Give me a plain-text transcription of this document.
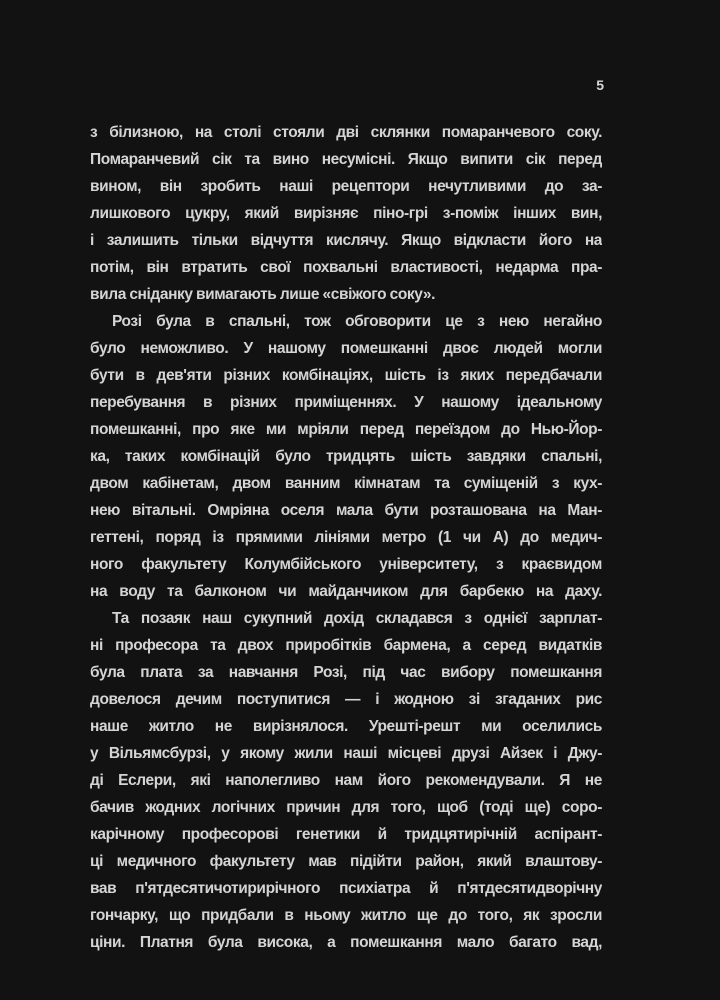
5
з білизною, на столі стояли дві склянки помаранчевого соку.
Помаранчевий сік та вино несумісні. Якщо випити сік перед
вином, він зробить наші рецептори нечутливими до за-
лишкового цукру, який вирізняє піно-грі з-поміж інших вин,
і залишить тільки відчуття кислячу. Якщо відкласти його на
потім, він втратить свої похвальні властивості, недарма пра-
вила сніданку вимагають лише «свіжого соку».
Розі була в спальні, тож обговорити це з нею негайно
було неможливо. У нашому помешканні двоє людей могли
бути в дев'яти різних комбінаціях, шість із яких передбачали
перебування в різних приміщеннях. У нашому ідеальному
помешканні, про яке ми мріяли перед переїздом до Нью-Йор-
ка, таких комбінацій було тридцять шість завдяки спальні,
двом кабінетам, двом ванним кімнатам та суміщеній з кух-
нею вітальні. Омріяна оселя мала бути розташована на Ман-
геттені, поряд із прямими лініями метро (1 чи А) до медич-
ного факультету Колумбійського університету, з краєвидом
на воду та балконом чи майданчиком для барбекю на даху.
Та позаяк наш сукупний дохід складався з однієї зарплат-
ні професора та двох приробітків бармена, а серед видатків
була плата за навчання Розі, під час вибору помешкання
довелося дечим поступитися — і жодною зі згаданих рис
наше житло не вирізнялося. Урешті-решт ми оселились
у Вільямсбурзі, у якому жили наші місцеві друзі Айзек і Джу-
ді Еслери, які наполегливо нам його рекомендували. Я не
бачив жодних логічних причин для того, щоб (тоді ще) соро-
карічному професорові генетики й тридцятирічній аспірант-
ці медичного факультету мав підійти район, який влаштову-
вав п'ятдесятичотирирічного психіатра й п'ятдесятидворічну
гончарку, що придбали в ньому житло ще до того, як зросли
ціни. Платня була висока, а помешкання мало багато вад,
